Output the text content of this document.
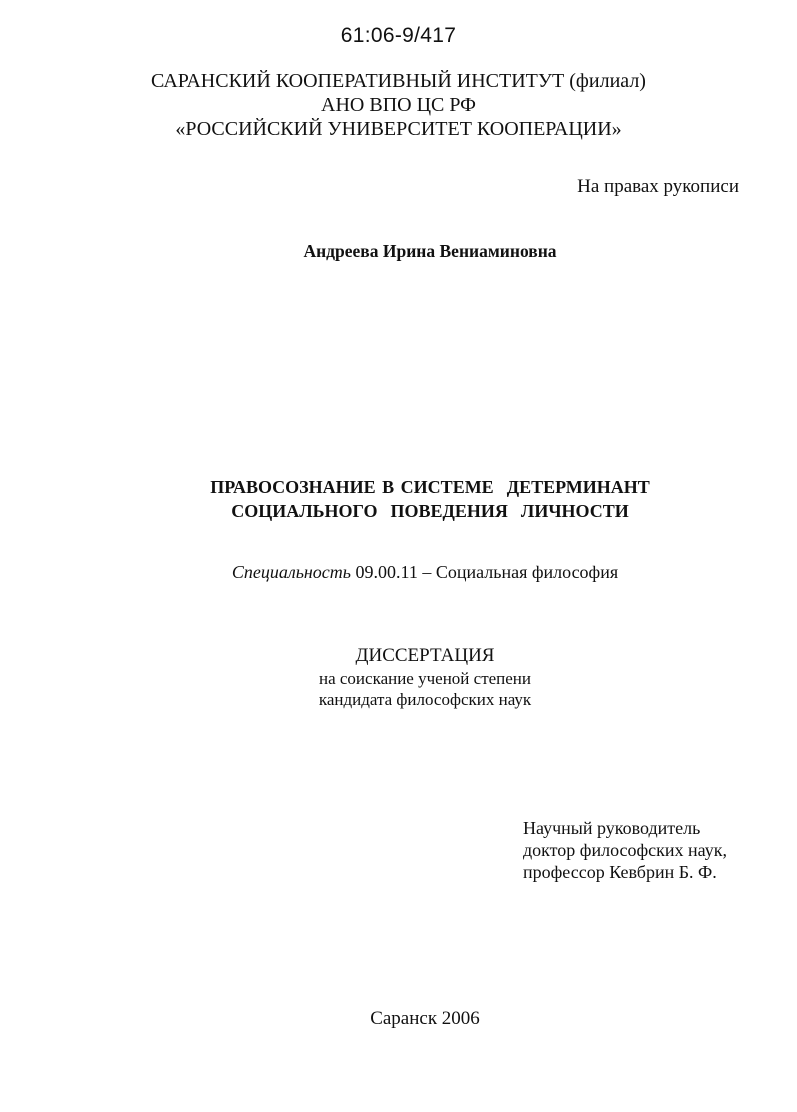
61:06-9/417
САРАНСКИЙ КООПЕРАТИВНЫЙ ИНСТИТУТ (филиал)
АНО ВПО ЦС РФ
«РОССИЙСКИЙ УНИВЕРСИТЕТ КООПЕРАЦИИ»
На правах рукописи
Андреева Ирина Вениаминовна
ПРАВОСОЗНАНИЕ В СИСТЕМЕ  ДЕТЕРМИНАНТ
СОЦИАЛЬНОГО  ПОВЕДЕНИЯ  ЛИЧНОСТИ
Специальность 09.00.11 – Социальная философия
ДИССЕРТАЦИЯ
на соискание ученой степени
кандидата философских наук
Научный руководитель
доктор философских наук,
профессор Кевбрин Б. Ф.
Саранск 2006
